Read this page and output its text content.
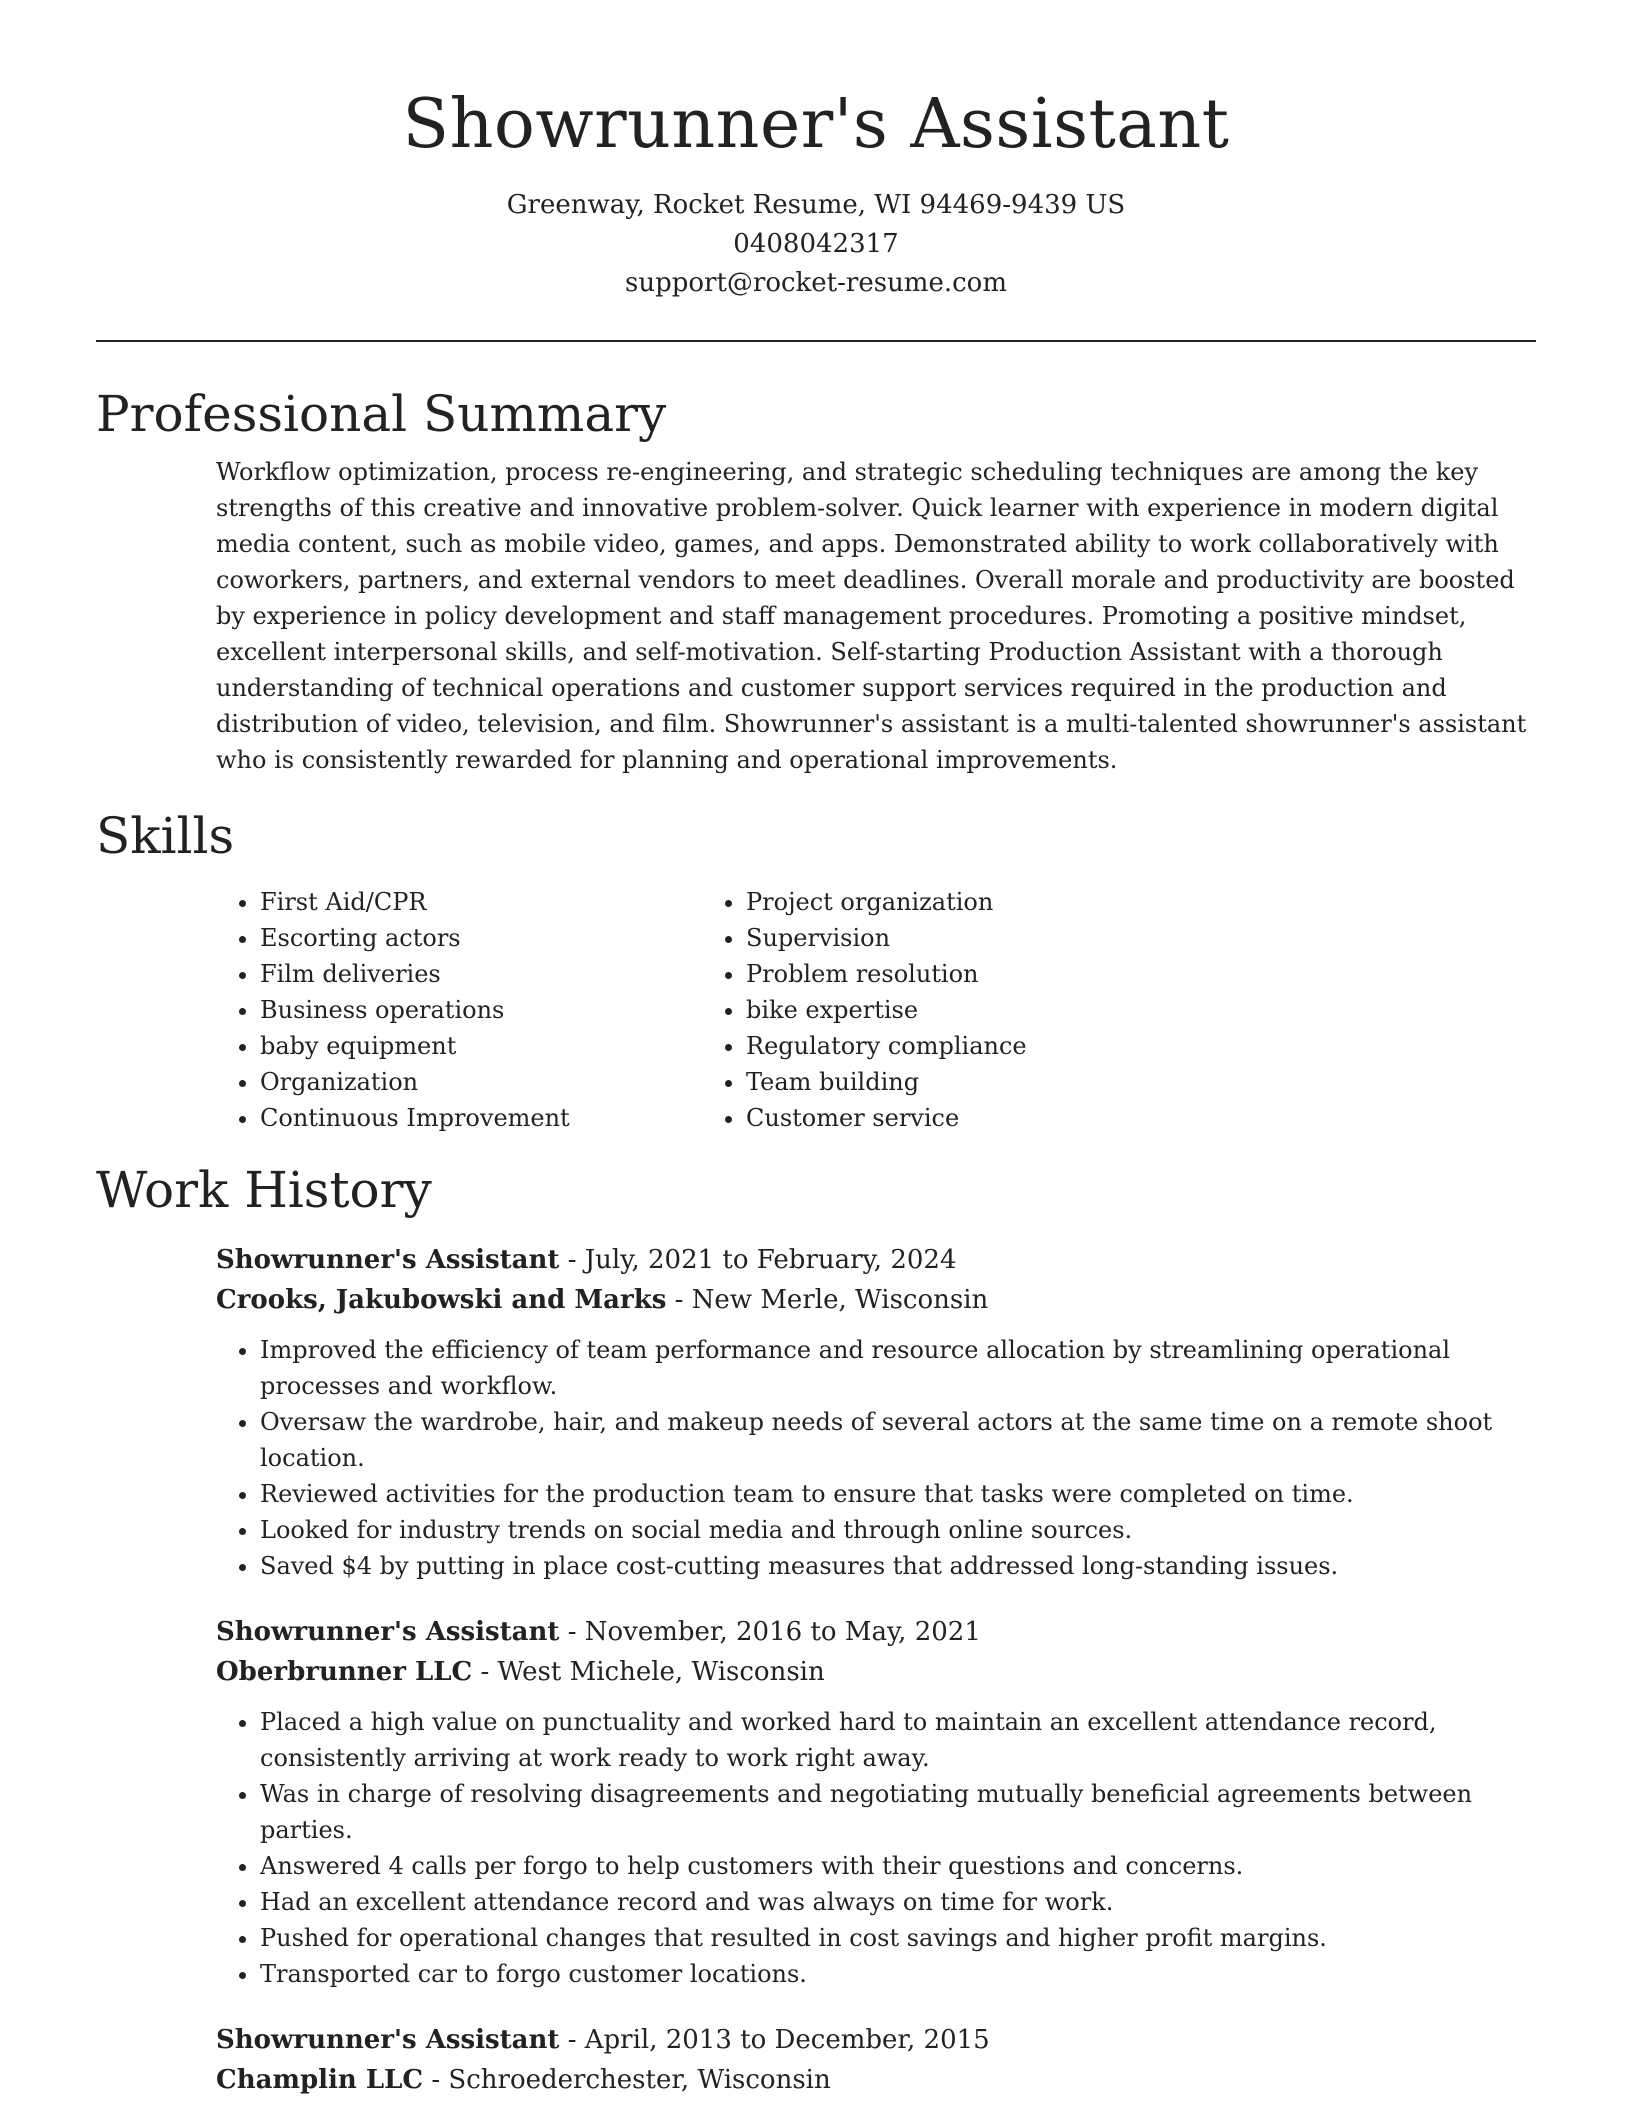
Showrunner's Assistant
Greenway, Rocket Resume, WI 94469-9439 US
0408042317
support@rocket-resume.com
Professional Summary

Workflow optimization, process re-engineering, and strategic scheduling techniques are among the key strengths of this creative and innovative problem-solver. Quick learner with experience in modern digital media content, such as mobile video, games, and apps. Demonstrated ability to work collaboratively with coworkers, partners, and external vendors to meet deadlines. Overall morale and productivity are boosted by experience in policy development and staff management procedures. Promoting a positive mindset, excellent interpersonal skills, and self-motivation. Self-starting Production Assistant with a thorough understanding of technical operations and customer support services required in the production and distribution of video, television, and film. Showrunner's assistant is a multi-talented showrunner's assistant who is consistently rewarded for planning and operational improvements.

Skills
• First Aid/CPR
• Escorting actors
• Film deliveries
• Business operations
• baby equipment
• Organization
• Continuous Improvement
• Project organization
• Supervision
• Problem resolution
• bike expertise
• Regulatory compliance
• Team building
• Customer service
Work History
Showrunner's Assistant - July, 2021 to February, 2024
Crooks, Jakubowski and Marks - New Merle, Wisconsin
• Improved the efficiency of team performance and resource allocation by streamlining operational processes and workflow.
• Oversaw the wardrobe, hair, and makeup needs of several actors at the same time on a remote shoot location.
• Reviewed activities for the production team to ensure that tasks were completed on time.
• Looked for industry trends on social media and through online sources.
• Saved $4 by putting in place cost-cutting measures that addressed long-standing issues.
Showrunner's Assistant - November, 2016 to May, 2021
Oberbrunner LLC - West Michele, Wisconsin
• Placed a high value on punctuality and worked hard to maintain an excellent attendance record, consistently arriving at work ready to work right away.
• Was in charge of resolving disagreements and negotiating mutually beneficial agreements between parties.
• Answered 4 calls per forgo to help customers with their questions and concerns.
• Had an excellent attendance record and was always on time for work.
• Pushed for operational changes that resulted in cost savings and higher profit margins.
• Transported car to forgo customer locations.
Showrunner's Assistant - April, 2013 to December, 2015
Champlin LLC - Schroederchester, Wisconsin
